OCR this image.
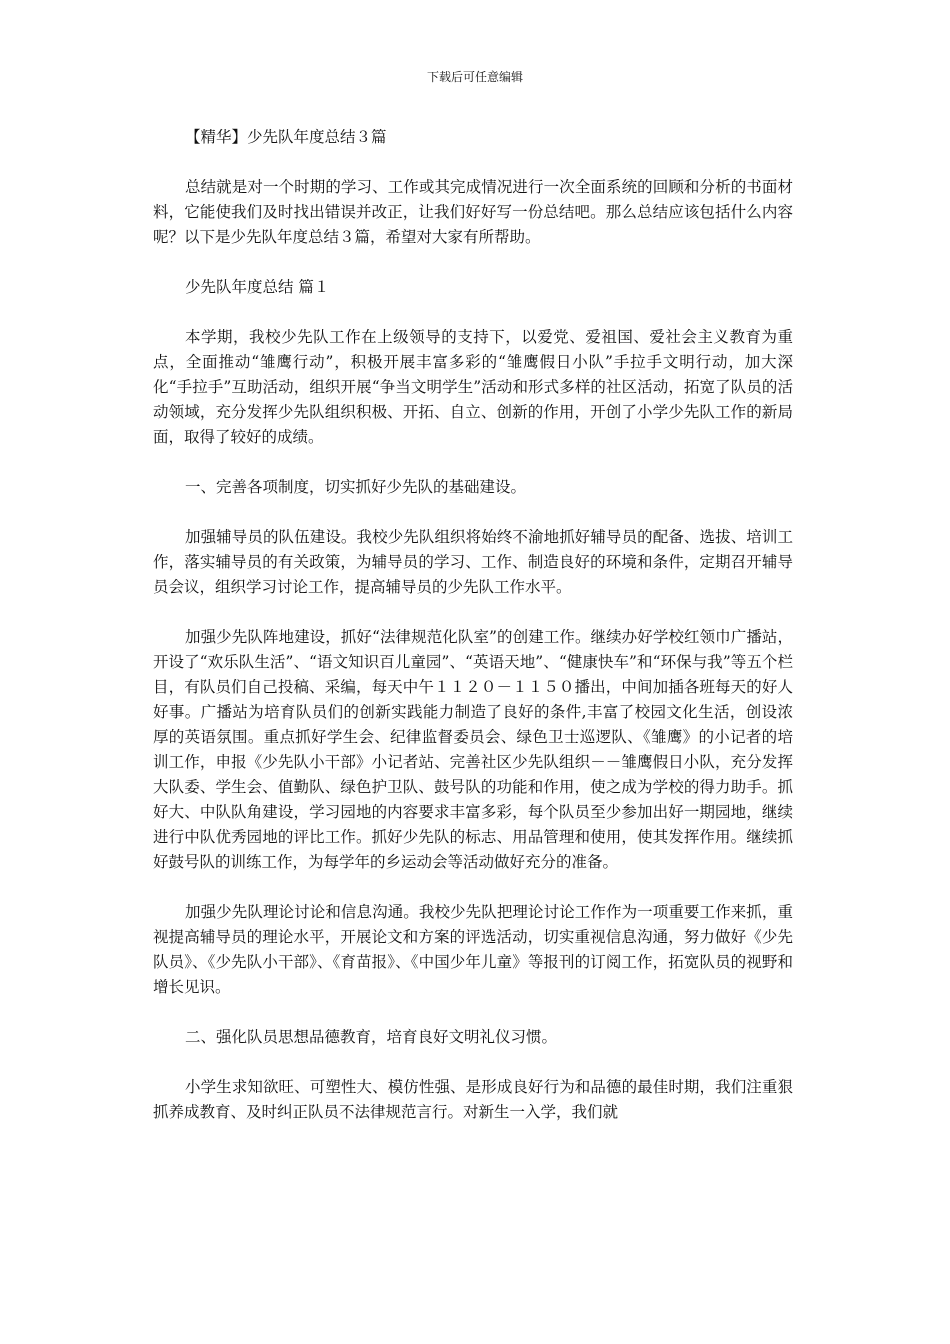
下载后可任意编辑

【精华】少先队年度总结３篇

总结就是对一个时期的学习、工作或其完成情况进行一次全面系统的回顾和分析的书面材料，它能使我们及时找出错误并改正，让我们好好写一份总结吧。那么总结应该包括什么内容呢？以下是少先队年度总结３篇，希望对大家有所帮助。

少先队年度总结 篇１

本学期，我校少先队工作在上级领导的支持下，以爱党、爱祖国、爱社会主义教育为重点，全面推动“雏鹰行动”，积极开展丰富多彩的“雏鹰假日小队”手拉手文明行动，加大深化“手拉手”互助活动，组织开展“争当文明学生”活动和形式多样的社区活动，拓宽了队员的活动领域，充分发挥少先队组织积极、开拓、自立、创新的作用，开创了小学少先队工作的新局面，取得了较好的成绩。

一、完善各项制度，切实抓好少先队的基础建设。

加强辅导员的队伍建设。我校少先队组织将始终不渝地抓好辅导员的配备、选拔、培训工作，落实辅导员的有关政策，为辅导员的学习、工作、制造良好的环境和条件，定期召开辅导员会议，组织学习讨论工作，提高辅导员的少先队工作水平。

加强少先队阵地建设，抓好“法律规范化队室”的创建工作。继续办好学校红领巾广播站，开设了“欢乐队生活”、“语文知识百儿童园”、“英语天地”、“健康快车”和“环保与我”等五个栏目，有队员们自己投稿、采编，每天中午１１２０－１１５０播出，中间加插各班每天的好人好事。广播站为培育队员们的创新实践能力制造了良好的条件,丰富了校园文化生活，创设浓厚的英语氛围。重点抓好学生会、纪律监督委员会、绿色卫士巡逻队、《雏鹰》的小记者的培训工作，申报《少先队小干部》小记者站、完善社区少先队组织－－雏鹰假日小队，充分发挥大队委、学生会、值勤队、绿色护卫队、鼓号队的功能和作用，使之成为学校的得力助手。抓好大、中队队角建设，学习园地的内容要求丰富多彩，每个队员至少参加出好一期园地，继续进行中队优秀园地的评比工作。抓好少先队的标志、用品管理和使用，使其发挥作用。继续抓好鼓号队的训练工作，为每学年的乡运动会等活动做好充分的准备。

加强少先队理论讨论和信息沟通。我校少先队把理论讨论工作作为一项重要工作来抓，重视提高辅导员的理论水平，开展论文和方案的评选活动，切实重视信息沟通，努力做好《少先队员》、《少先队小干部》、《育苗报》、《中国少年儿童》等报刊的订阅工作，拓宽队员的视野和增长见识。

二、强化队员思想品德教育，培育良好文明礼仪习惯。

小学生求知欲旺、可塑性大、模仿性强、是形成良好行为和品德的最佳时期，我们注重狠抓养成教育、及时纠正队员不法律规范言行。对新生一入学，我们就
